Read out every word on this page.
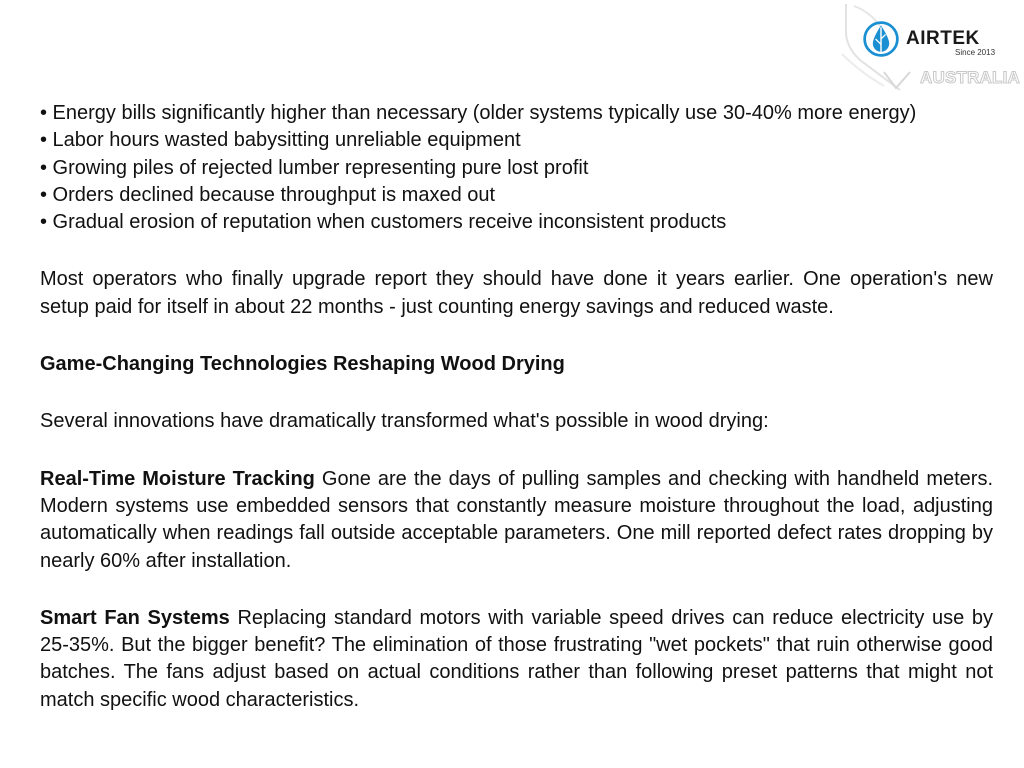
AIRTEK
Since 2013
AUSTRALIA
• Energy bills significantly higher than necessary (older systems typically use 30-40% more energy)
• Labor hours wasted babysitting unreliable equipment
• Growing piles of rejected lumber representing pure lost profit
• Orders declined because throughput is maxed out
• Gradual erosion of reputation when customers receive inconsistent products

Most operators who finally upgrade report they should have done it years earlier. One operation's new setup paid for itself in about 22 months - just counting energy savings and reduced waste.

Game-Changing Technologies Reshaping Wood Drying

Several innovations have dramatically transformed what's possible in wood drying:

Real-Time Moisture Tracking Gone are the days of pulling samples and checking with handheld meters. Modern systems use embedded sensors that constantly measure moisture throughout the load, adjusting automatically when readings fall outside acceptable parameters. One mill reported defect rates dropping by nearly 60% after installation.

Smart Fan Systems Replacing standard motors with variable speed drives can reduce electricity use by 25-35%. But the bigger benefit? The elimination of those frustrating "wet pockets" that ruin otherwise good batches. The fans adjust based on actual conditions rather than following preset patterns that might not match specific wood characteristics.
